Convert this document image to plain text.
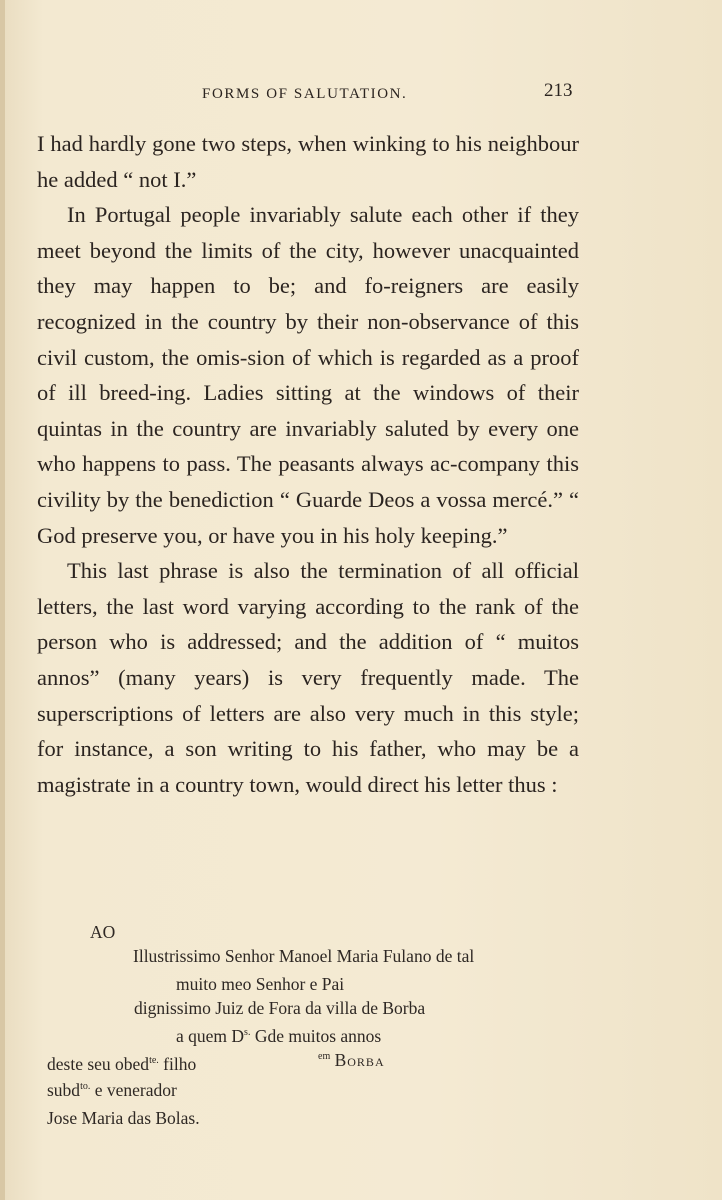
FORMS OF SALUTATION.	213

I had hardly gone two steps, when winking to his neighbour he added “ not I.”

In Portugal people invariably salute each other if they meet beyond the limits of the city, however unacquainted they may happen to be; and fo-reigners are easily recognized in the country by their non-observance of this civil custom, the omis-sion of which is regarded as a proof of ill breed-ing. Ladies sitting at the windows of their quintas in the country are invariably saluted by every one who happens to pass. The peasants always ac-company this civility by the benediction “ Guarde Deos a vossa mercé.” “ God preserve you, or have you in his holy keeping.”

This last phrase is also the termination of all official letters, the last word varying according to the rank of the person who is addressed; and the addition of “ muitos annos” (many years) is very frequently made. The superscriptions of letters are also very much in this style; for instance, a son writing to his father, who may be a magistrate in a country town, would direct his letter thus :

AO
Illustrissimo Senhor Manoel Maria Fulano de tal
muito meo Senhor e Pai
dignissimo Juiz de Fora da villa de Borba
a quem $D^{s.}$ Gde muitos annos
deste seu obed$^{te.}$ filho	$^{em}$ Borba
subd$^{to.}$ e venerador
Jose Maria das Bolas.
